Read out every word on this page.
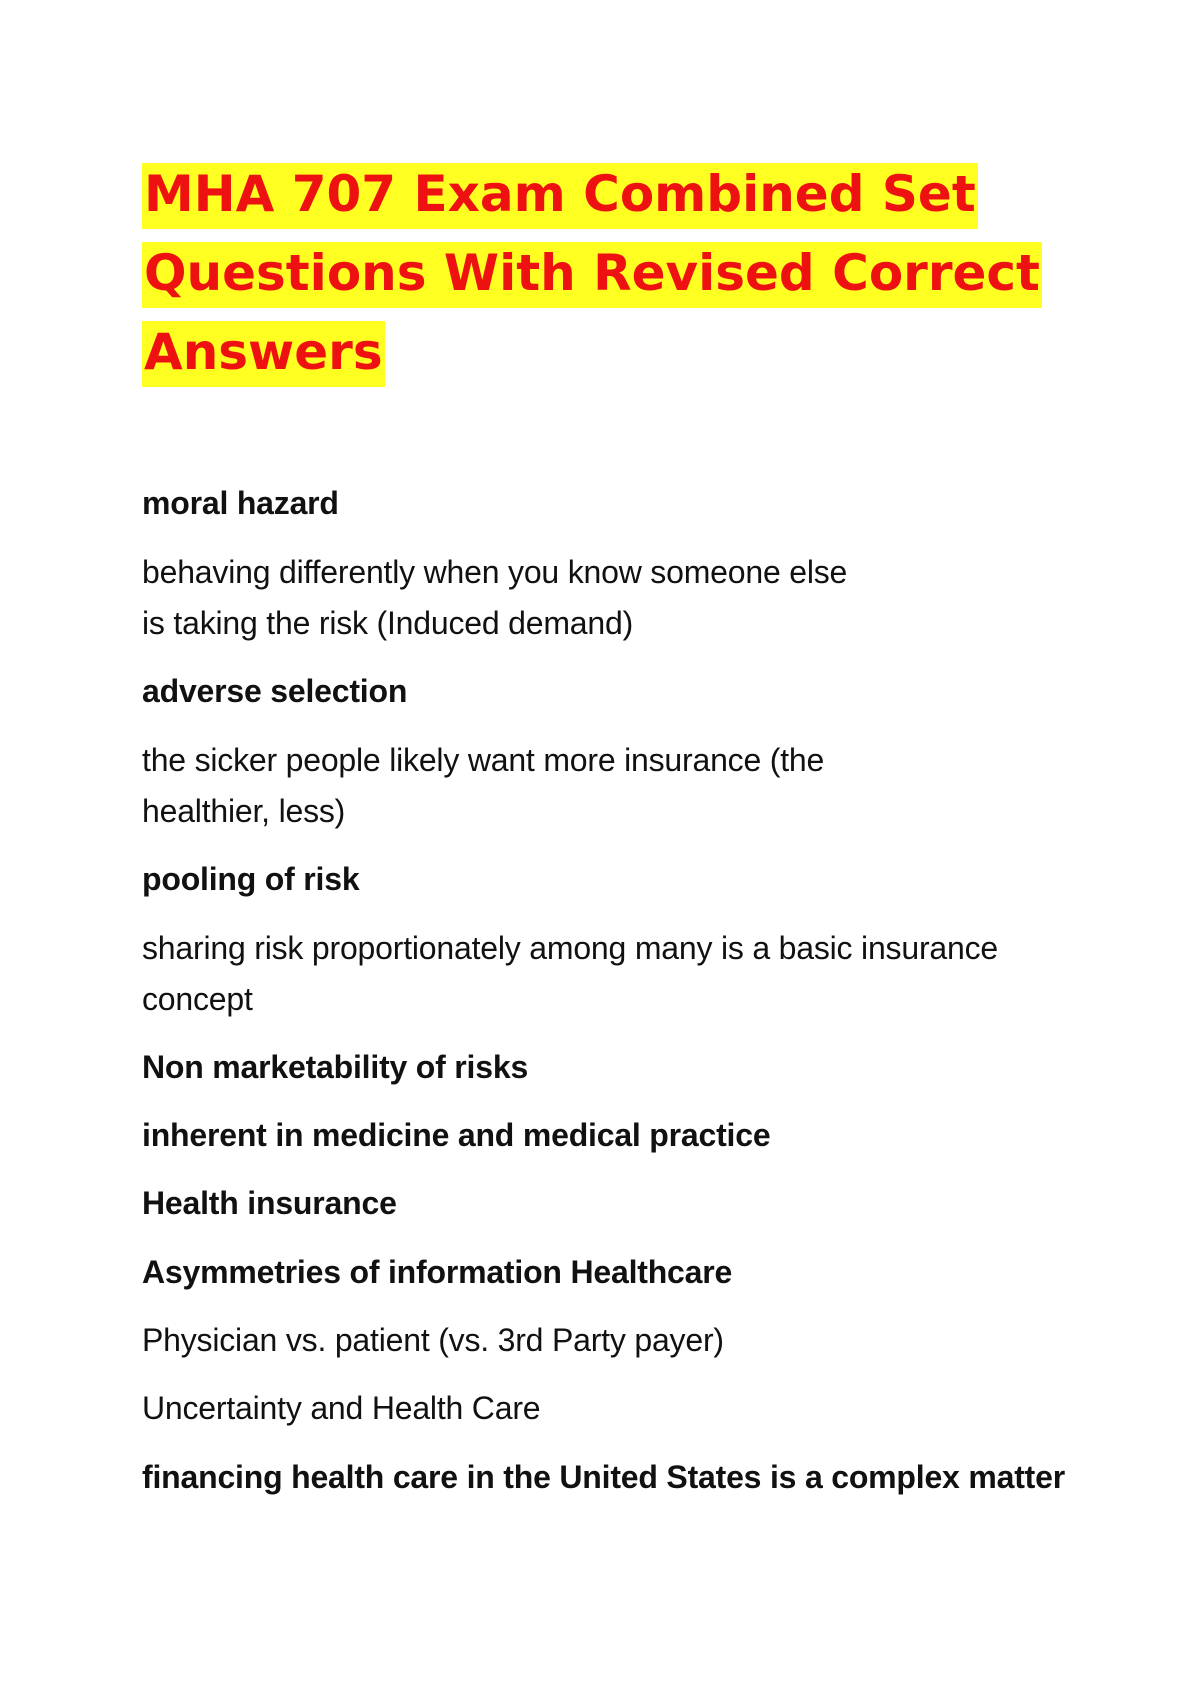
MHA 707 Exam Combined Set Questions With Revised Correct Answers
moral hazard
behaving differently when you know someone else
is taking the risk (Induced demand)
adverse selection
the sicker people likely want more insurance (the
healthier, less)
pooling of risk
sharing risk proportionately among many is a basic insurance
concept
Non marketability of risks
inherent in medicine and medical practice
Health insurance
Asymmetries of information Healthcare
Physician vs. patient (vs. 3rd Party payer)
Uncertainty and Health Care
financing health care in the United States is a complex matter
